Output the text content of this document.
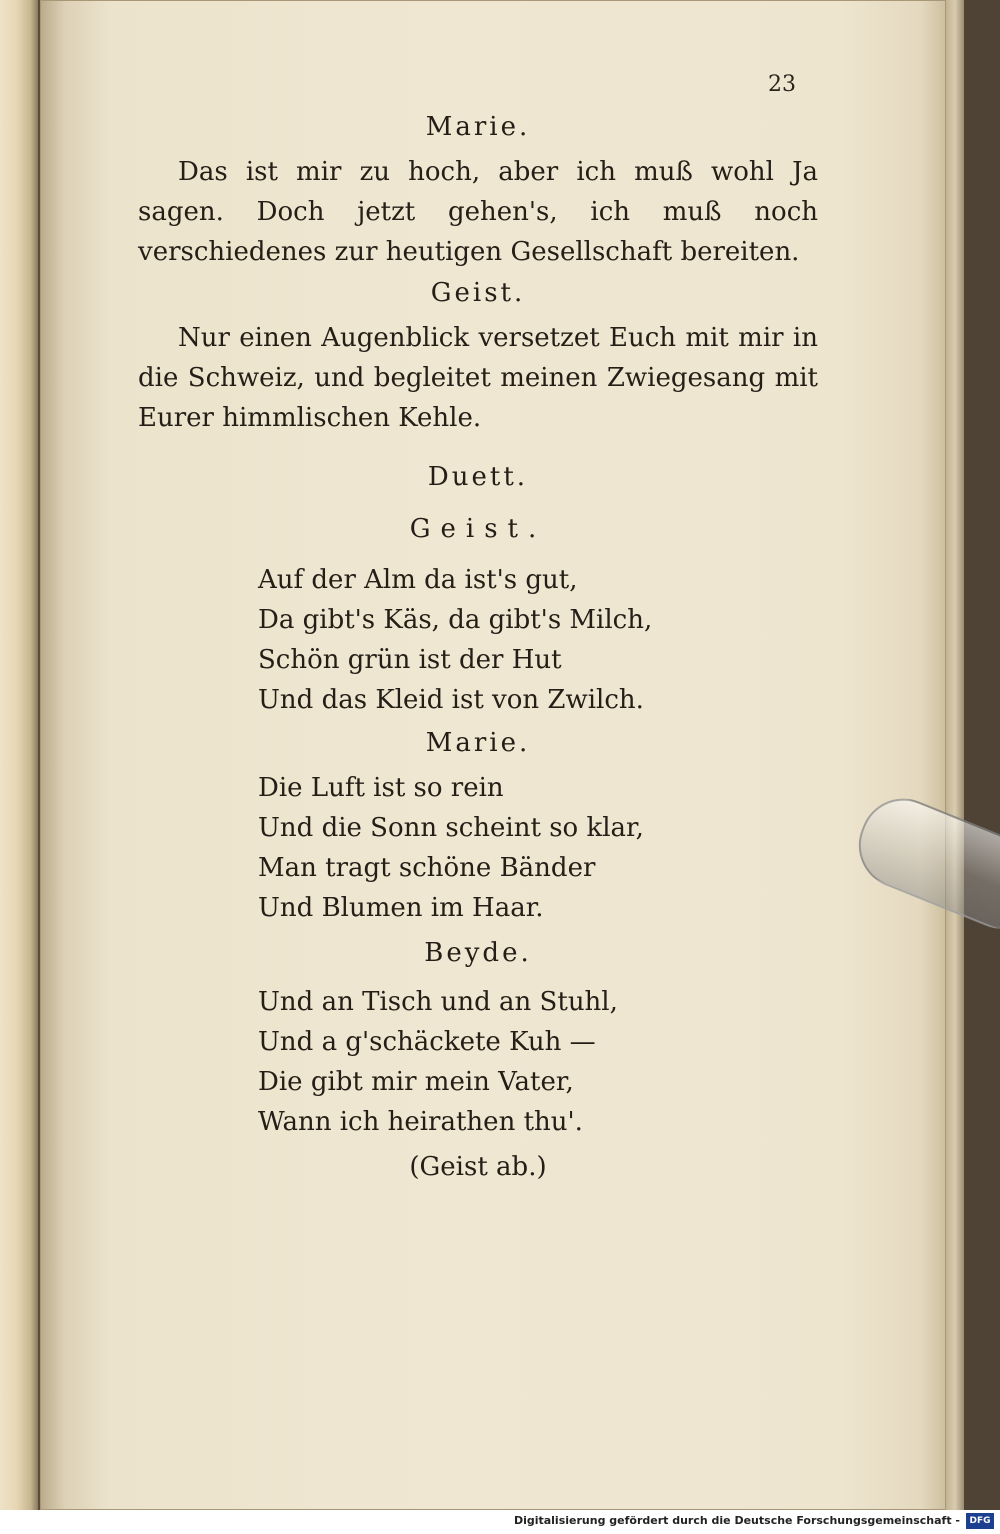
23
Marie.
Das ist mir zu hoch, aber ich muß wohl Ja sagen. Doch jetzt gehen's, ich muß noch verschiedenes zur heutigen Gesellschaft bereiten.
Geist.
Nur einen Augenblick versetzet Euch mit mir in die Schweiz, und begleitet meinen Zwiegesang mit Eurer himmlischen Kehle.
Duett.
Geist.
Auf der Alm da ist's gut,
Da gibt's Käs, da gibt's Milch,
Schön grün ist der Hut
Und das Kleid ist von Zwilch.
Marie.
Die Luft ist so rein
Und die Sonn scheint so klar,
Man tragt schöne Bänder
Und Blumen im Haar.
Beyde.
Und an Tisch und an Stuhl,
Und a g'schäckete Kuh —
Die gibt mir mein Vater,
Wann ich heirathen thu'.
(Geist ab.)
Digitalisierung gefördert durch die Deutsche Forschungsgemeinschaft -	DFG
